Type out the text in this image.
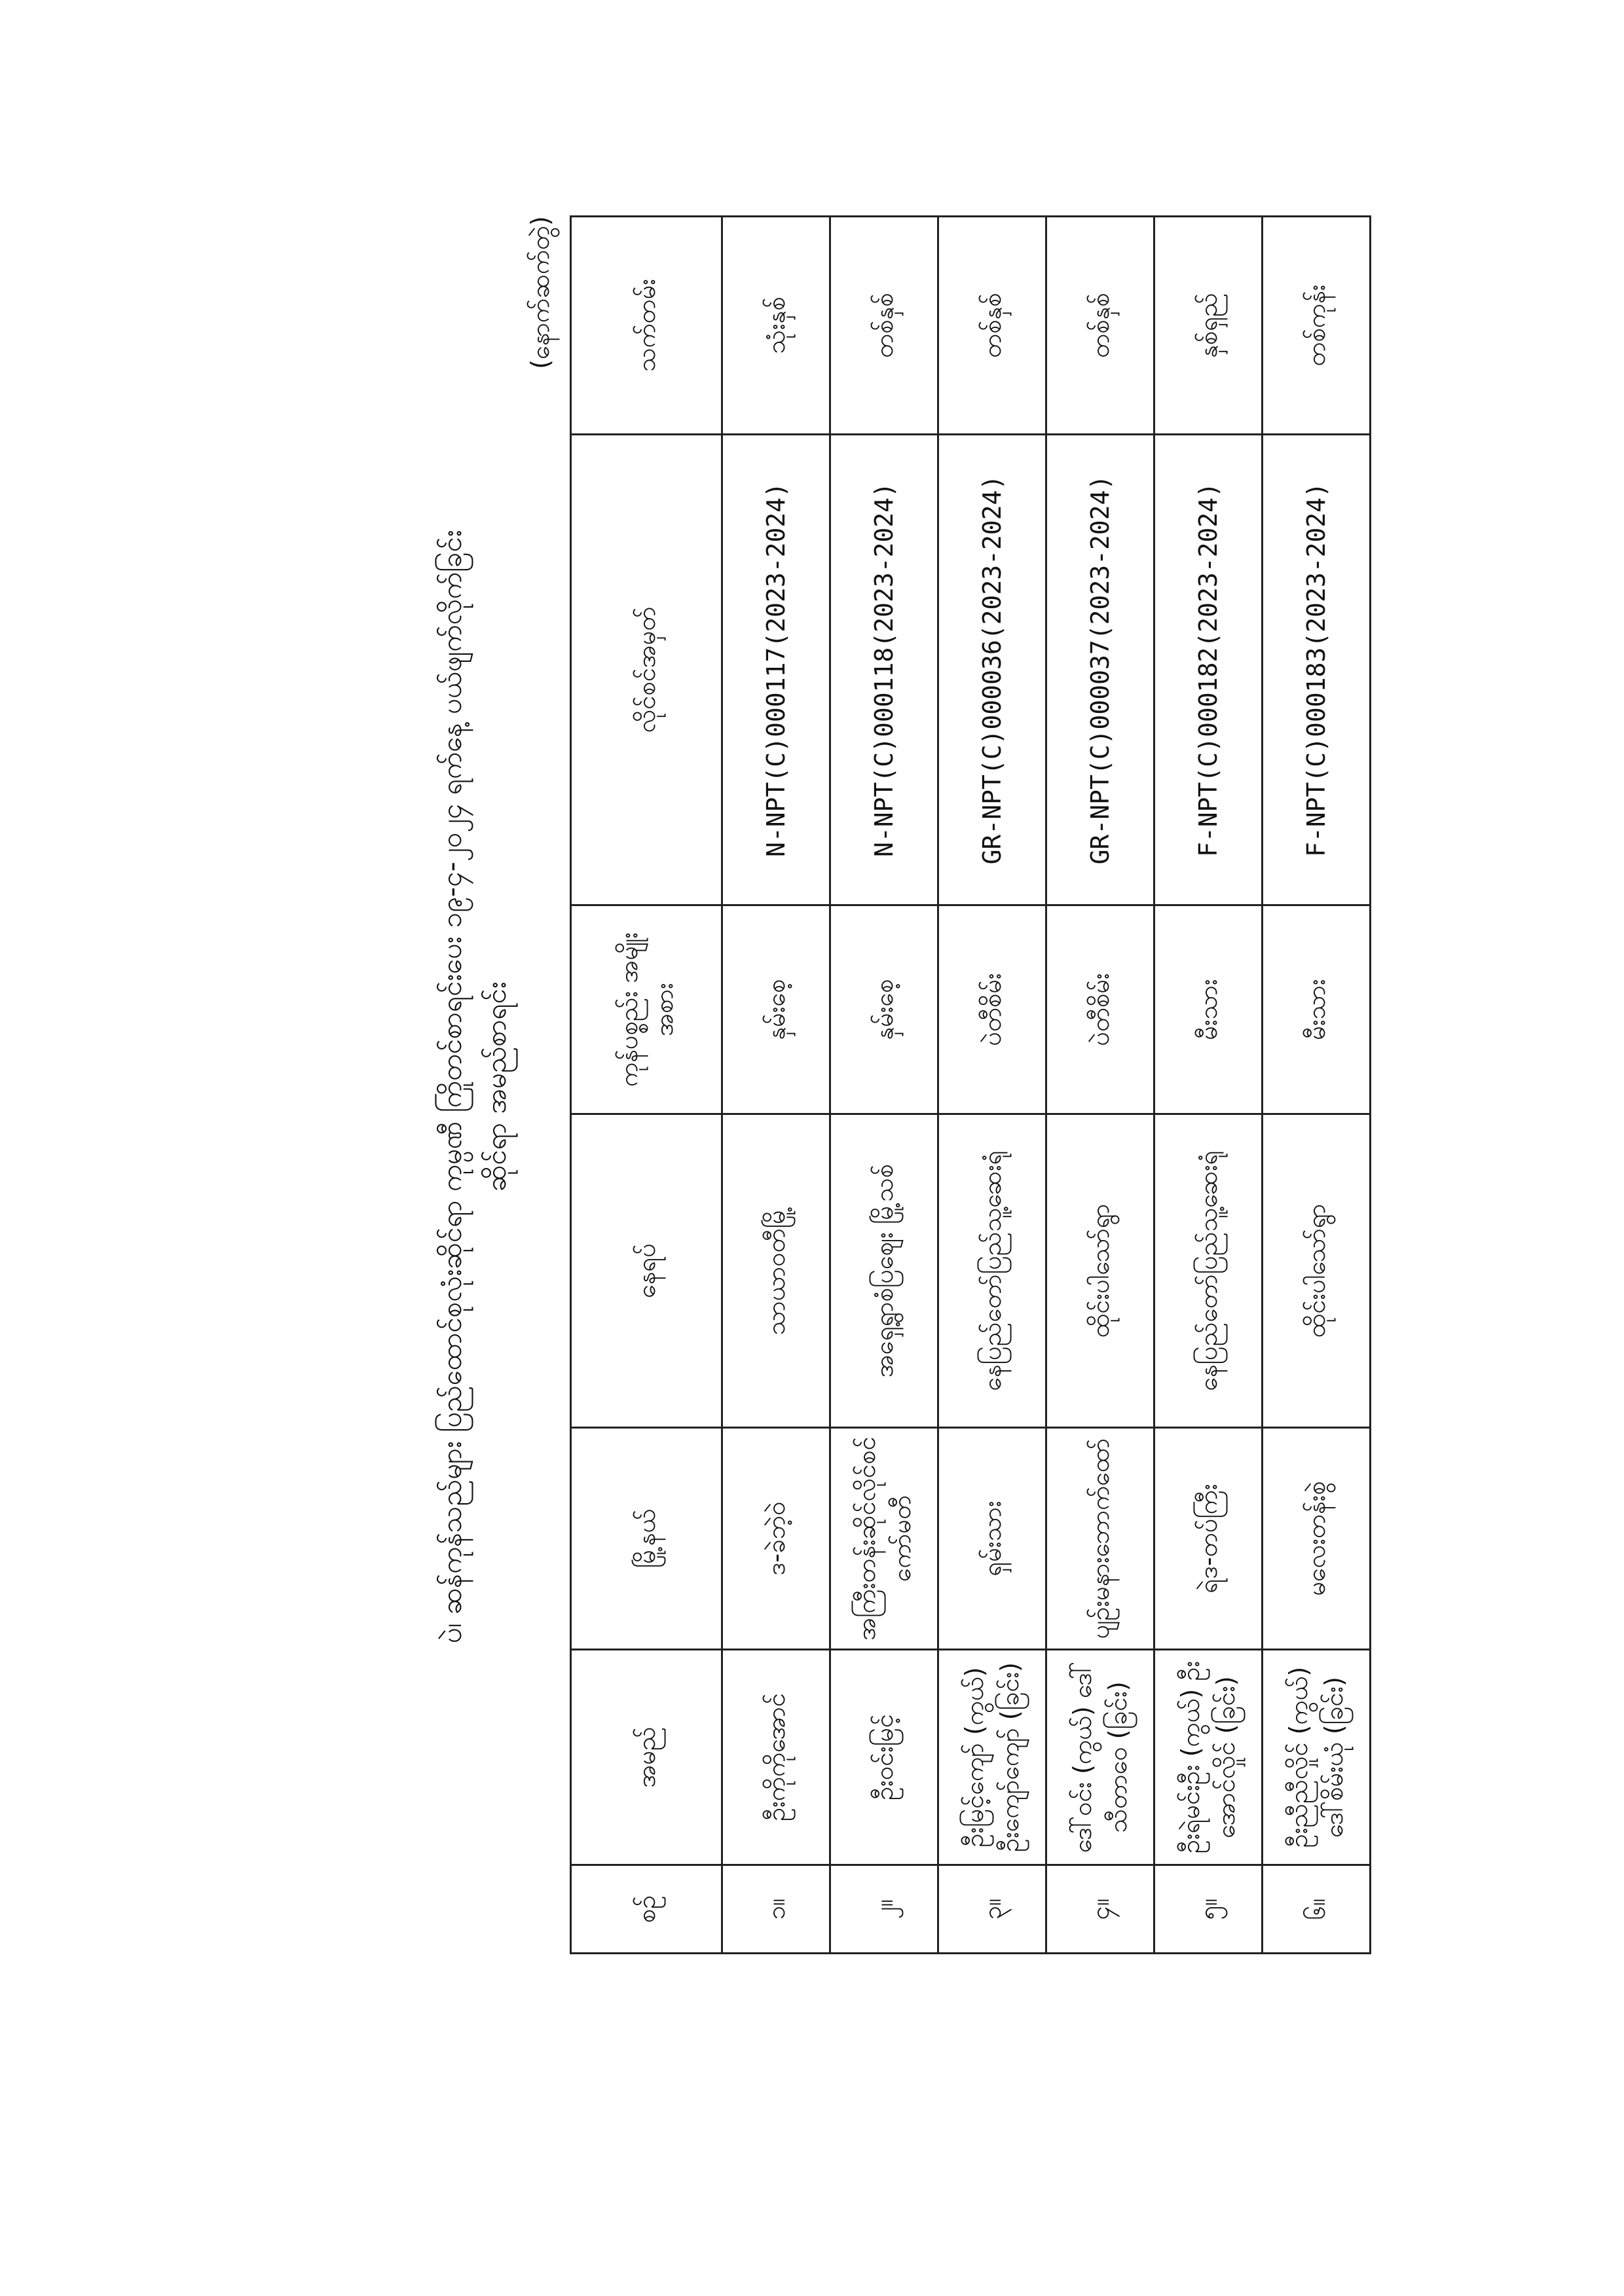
ပဲ၊ ဆန်ကုန်သည်များ ပြည်ထောင်စုလုံးဆိုင်ရာ ကုမ္ပဏီ ကြိုတင်စာရင်းပေး ၁၉-၄-၂၀၂၄ ရက်နေ့ ပယ်ဖျက်လိုက်ခြင်း ဆိုင်ရာ အမည်စာရင်း
(နောက်ဆက်တွဲ)
စဉ်	အမည်	မြို့နယ်	နေရပ်	ကုန်ပစ္စည်း အမျိုးအစား	လိုင်စင်အမှတ်	သက်တမ်း
၁။	ဦးကိုကိုအောင်	ဒ-ခဲဘဲ့ဝဲ	သာယာဝတီမြို့	နှမ်းစေ့	N-NPT(C)000117(2023-2024)	သုံးနှစ်
၂။	ဦးဝင်းမြင့်	အကြီးတန်းဆိုင်လိုင်စင် ကော်မတီ	အရှေ့ရွာစံပြဈေး မြို့သစ်	နှမ်းစေ့	N-NPT(C)000118(2023-2024)	တစ်နှစ်
၃။	ဦးမြင့်ကျော် (ကွယ်) ဦးကျော်ကျော် (ခြင်း)	ရှမ်းသား	နေပြည်တော်ပြည်သူ့ဆေးရုံ	ပဲတီစိမ်း	GR-NPT(C)000036(2023-2024)	တစ်နှစ်
၄။	ဒေါ်ဝင်း (ကွယ်) ဒေါ်သီတာဝေ (ခြင်း)	ပျဉ်းမနားဘောက်ထော်	ထိုင်းပါသော်ရွာ	ပဲတီစိမ်း	GR-NPT(C)000037(2023-2024)	တစ်နှစ်
၅။	ဦးရဲမင်းဦး (ကွယ်) ဦးအောင်လှိုင် (ခြင်း)	ရဲဒ-တပ်ကြီး	နေပြည်တော်ပြည်သူ့ဆေးရုံ	မီးသား	F-NPT(C)000182(2023-2024)	နှစ်ရှည်
၆။	ဦးညီညီလှိုင် (ကွယ်) ဒေါ်စိမ်းယုံ (ခြင်း)	မလေးတန်းစွဲ	ထိုင်းပါသော်ရွာ	မီးသား	F-NPT(C)000183(2023-2024)	တစ်ကုန်း
